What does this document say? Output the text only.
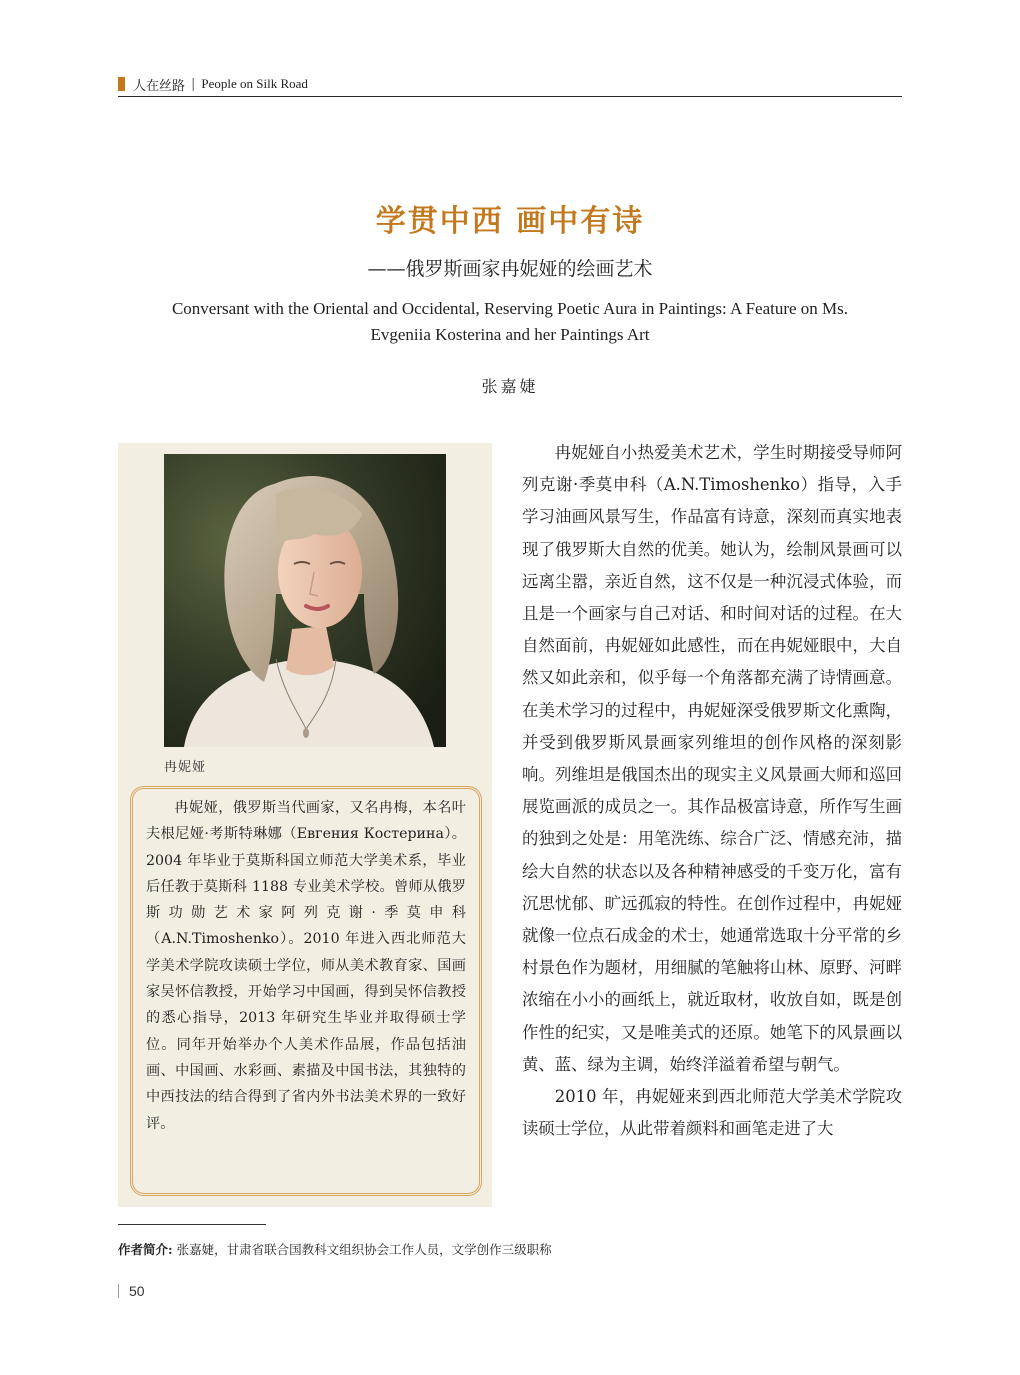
人在丝路 | People on Silk Road
学贯中西 画中有诗
——俄罗斯画家冉妮娅的绘画艺术
Conversant with the Oriental and Occidental, Reserving Poetic Aura in Paintings: A Feature on Ms. Evgeniia Kosterina and her Paintings Art
张嘉婕
冉妮娅

冉妮娅，俄罗斯当代画家，又名冉梅，本名叶夫根尼娅·考斯特琳娜（Евгения Костерина）。2004 年毕业于莫斯科国立师范大学美术系，毕业后任教于莫斯科 1188 专业美术学校。曾师从俄罗斯功勋艺术家阿列克谢·季莫申科（A.N.Timoshenko）。2010 年进入西北师范大学美术学院攻读硕士学位，师从美术教育家、国画家吴怀信教授，开始学习中国画，得到吴怀信教授的悉心指导，2013 年研究生毕业并取得硕士学位。同年开始举办个人美术作品展，作品包括油画、中国画、水彩画、素描及中国书法，其独特的中西技法的结合得到了省内外书法美术界的一致好评。

冉妮娅自小热爱美术艺术，学生时期接受导师阿列克谢·季莫申科（A.N.Timoshenko）指导，入手学习油画风景写生，作品富有诗意，深刻而真实地表现了俄罗斯大自然的优美。她认为，绘制风景画可以远离尘嚣，亲近自然，这不仅是一种沉浸式体验，而且是一个画家与自己对话、和时间对话的过程。在大自然面前，冉妮娅如此感性，而在冉妮娅眼中，大自然又如此亲和，似乎每一个角落都充满了诗情画意。在美术学习的过程中，冉妮娅深受俄罗斯文化熏陶，并受到俄罗斯风景画家列维坦的创作风格的深刻影响。列维坦是俄国杰出的现实主义风景画大师和巡回展览画派的成员之一。其作品极富诗意，所作写生画的独到之处是：用笔洗练、综合广泛、情感充沛，描绘大自然的状态以及各种精神感受的千变万化，富有沉思忧郁、旷远孤寂的特性。在创作过程中，冉妮娅就像一位点石成金的术士，她通常选取十分平常的乡村景色作为题材，用细腻的笔触将山林、原野、河畔浓缩在小小的画纸上，就近取材，收放自如，既是创作性的纪实，又是唯美式的还原。她笔下的风景画以黄、蓝、绿为主调，始终洋溢着希望与朝气。

2010 年，冉妮娅来到西北师范大学美术学院攻读硕士学位，从此带着颜料和画笔走进了大

作者简介: 张嘉婕，甘肃省联合国教科文组织协会工作人员，文学创作三级职称
50
